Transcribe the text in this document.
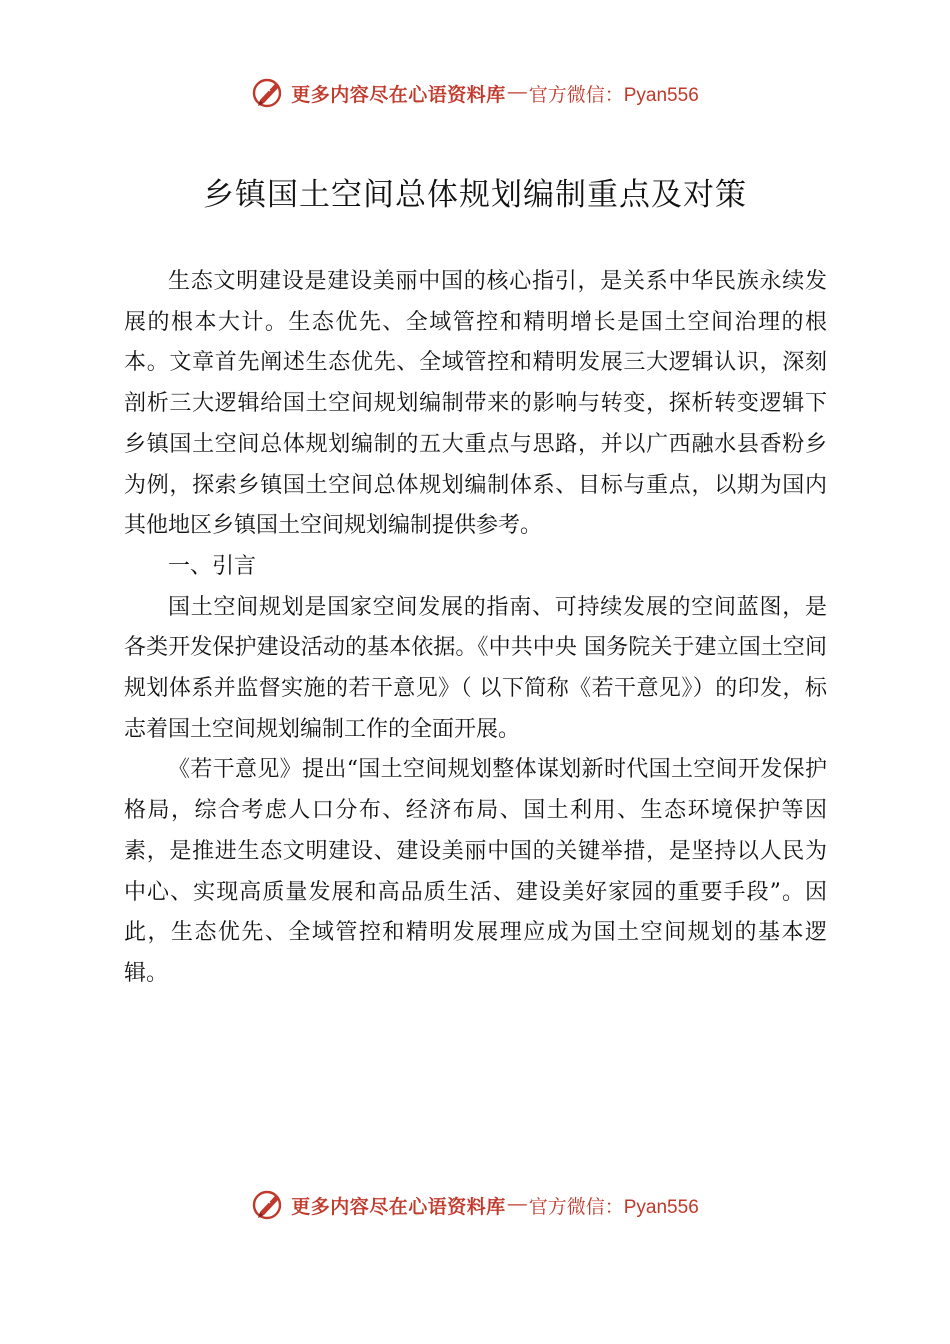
更多内容尽在心语资料库 — 官方微信：Pyan556
乡镇国土空间总体规划编制重点及对策

生态文明建设是建设美丽中国的核心指引，是关系中华民族永续发展的根本大计。生态优先、全域管控和精明增长是国土空间治理的根本。文章首先阐述生态优先、全域管控和精明发展三大逻辑认识，深刻剖析三大逻辑给国土空间规划编制带来的影响与转变，探析转变逻辑下乡镇国土空间总体规划编制的五大重点与思路，并以广西融水县香粉乡为例，探索乡镇国土空间总体规划编制体系、目标与重点，以期为国内其他地区乡镇国土空间规划编制提供参考。

一、引言

国土空间规划是国家空间发展的指南、可持续发展的空间蓝图，是各类开发保护建设活动的基本依据。《中共中央 国务院关于建立国土空间规划体系并监督实施的若干意见》（ 以下简称《若干意见》）的印发，标志着国土空间规划编制工作的全面开展。

《若干意见》提出“国土空间规划整体谋划新时代国土空间开发保护格局，综合考虑人口分布、经济布局、国土利用、生态环境保护等因素，是推进生态文明建设、建设美丽中国的关键举措，是坚持以人民为中心、实现高质量发展和高品质生活、建设美好家园的重要手段”。因此，生态优先、全域管控和精明发展理应成为国土空间规划的基本逻辑。

更多内容尽在心语资料库 — 官方微信：Pyan556
